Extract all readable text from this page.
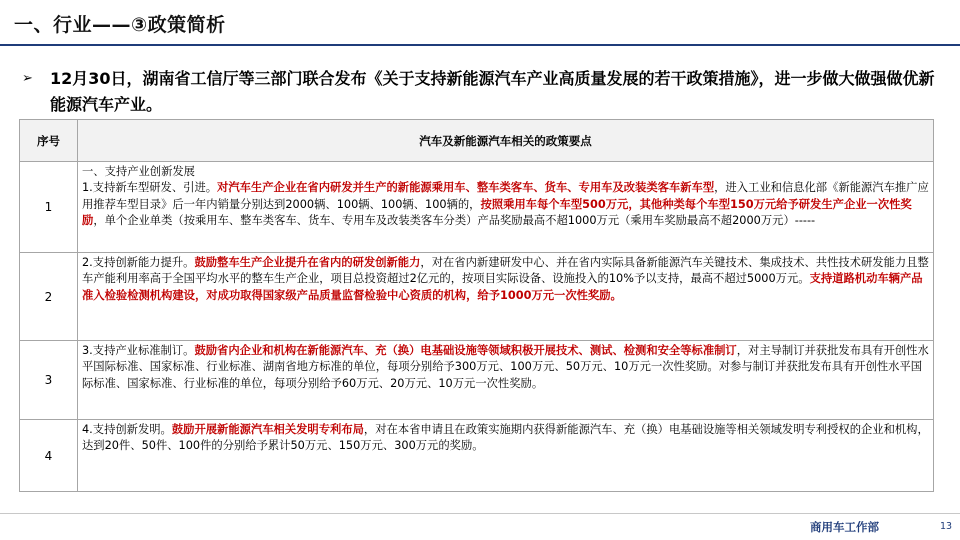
一、行业——③政策简析
➢ 12月30日，湖南省工信厅等三部门联合发布《关于支持新能源汽车产业高质量发展的若干政策措施》，进一步做大做强做优新能源汽车产业。
序号	汽车及新能源汽车相关的政策要点
1	一、支持产业创新发展
1.支持新车型研发、引进。对汽车生产企业在省内研发并生产的新能源乘用车、整车类客车、货车、专用车及改装类客车新车型，进入工业和信息化部《新能源汽车推广应用推荐车型目录》后一年内销量分别达到2000辆、100辆、100辆、100辆的，按照乘用车每个车型500万元，其他种类每个车型150万元给予研发生产企业一次性奖励，单个企业单类（按乘用车、整车类客车、货车、专用车及改装类客车分类）产品奖励最高不超1000万元（乘用车奖励最高不超2000万元）-----
2	2.支持创新能力提升。鼓励整车生产企业提升在省内的研发创新能力，对在省内新建研发中心、并在省内实际具备新能源汽车关键技术、集成技术、共性技术研发能力且整车产能利用率高于全国平均水平的整车生产企业，项目总投资超过2亿元的，按项目实际设备、设施投入的10%予以支持，最高不超过5000万元。支持道路机动车辆产品准入检验检测机构建设，对成功取得国家级产品质量监督检验中心资质的机构，给予1000万元一次性奖励。
3	3.支持产业标准制订。鼓励省内企业和机构在新能源汽车、充（换）电基础设施等领域积极开展技术、测试、检测和安全等标准制订，对主导制订并获批发布具有开创性水平国际标准、国家标准、行业标准、湖南省地方标准的单位，每项分别给予300万元、100万元、50万元、10万元一次性奖励。对参与制订并获批发布具有开创性水平国际标准、国家标准、行业标准的单位，每项分别给予60万元、20万元、10万元一次性奖励。
4	4.支持创新发明。鼓励开展新能源汽车相关发明专利布局，对在本省申请且在政策实施期内获得新能源汽车、充（换）电基础设施等相关领域发明专利授权的企业和机构，达到20件、50件、100件的分别给予累计50万元、150万元、300万元的奖励。
商用车工作部	13
